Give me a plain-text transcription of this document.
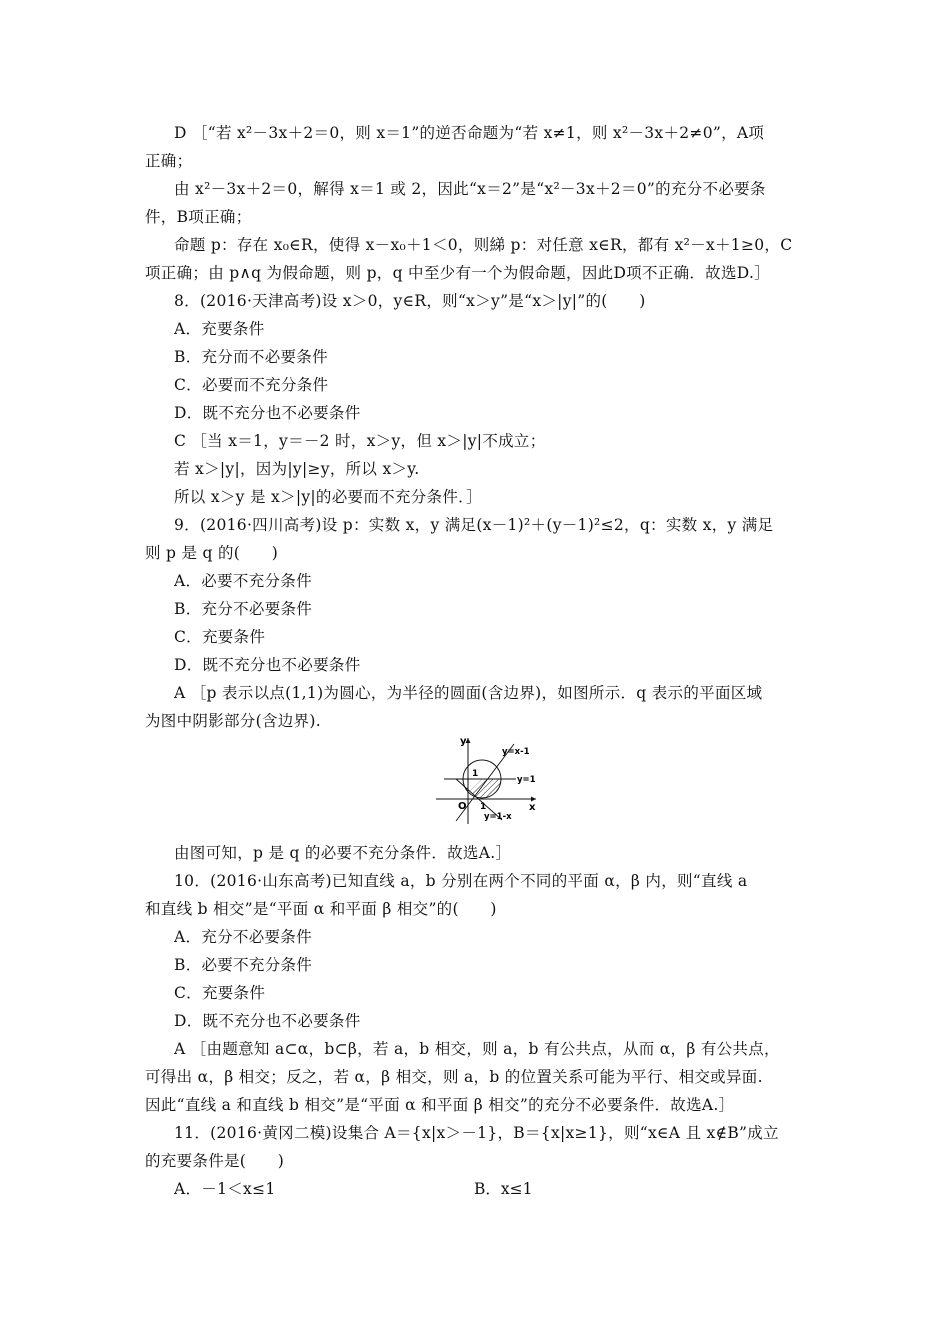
D ［“若 x²－3x＋2＝0，则 x＝1”的逆否命题为“若 x≠1，则 x²－3x＋2≠0”，A项
正确；
由 x²－3x＋2＝0，解得 x＝1 或 2，因此“x＝2”是“x²－3x＋2＝0”的充分不必要条
件，B项正确；
命题 p：存在 x₀∈R，使得 x－x₀＋1＜0，则綈 p：对任意 x∈R，都有 x²－x＋1≥0，C
项正确；由 p∧q 为假命题，则 p，q 中至少有一个为假命题，因此D项不正确．故选D.］
8．(2016·天津高考)设 x＞0，y∈R，则“x＞y”是“x＞|y|”的(　　)
A．充要条件
B．充分而不必要条件
C．必要而不充分条件
D．既不充分也不必要条件
C ［当 x＝1，y＝－2 时，x＞y，但 x＞|y|不成立；
若 x＞|y|，因为|y|≥y，所以 x＞y.
所以 x＞y 是 x＞|y|的必要而不充分条件．］
9．(2016·四川高考)设 p：实数 x，y 满足(x－1)²＋(y－1)²≤2，q：实数 x，y 满足
则 p 是 q 的(　　)
A．必要不充分条件
B．充分不必要条件
C．充要条件
D．既不充分也不必要条件
A ［p 表示以点(1,1)为圆心，为半径的圆面(含边界)，如图所示．q 表示的平面区域
为图中阴影部分(含边界).
y
x
O 1
1
y=x-1
y=1
y=1-x
由图可知，p 是 q 的必要不充分条件．故选A.］
10．(2016·山东高考)已知直线 a，b 分别在两个不同的平面 α，β 内，则“直线 a
和直线 b 相交”是“平面 α 和平面 β 相交”的(　　)
A．充分不必要条件
B．必要不充分条件
C．充要条件
D．既不充分也不必要条件
A ［由题意知 a⊂α，b⊂β，若 a，b 相交，则 a，b 有公共点，从而 α，β 有公共点，
可得出 α，β 相交；反之，若 α，β 相交，则 a，b 的位置关系可能为平行、相交或异面.
因此“直线 a 和直线 b 相交”是“平面 α 和平面 β 相交”的充分不必要条件．故选A.］
11．(2016·黄冈二模)设集合 A＝{x|x＞－1}，B＝{x|x≥1}，则“x∈A 且 x∉B”成立
的充要条件是(　　)
A．－1＜x≤1	B．x≤1
